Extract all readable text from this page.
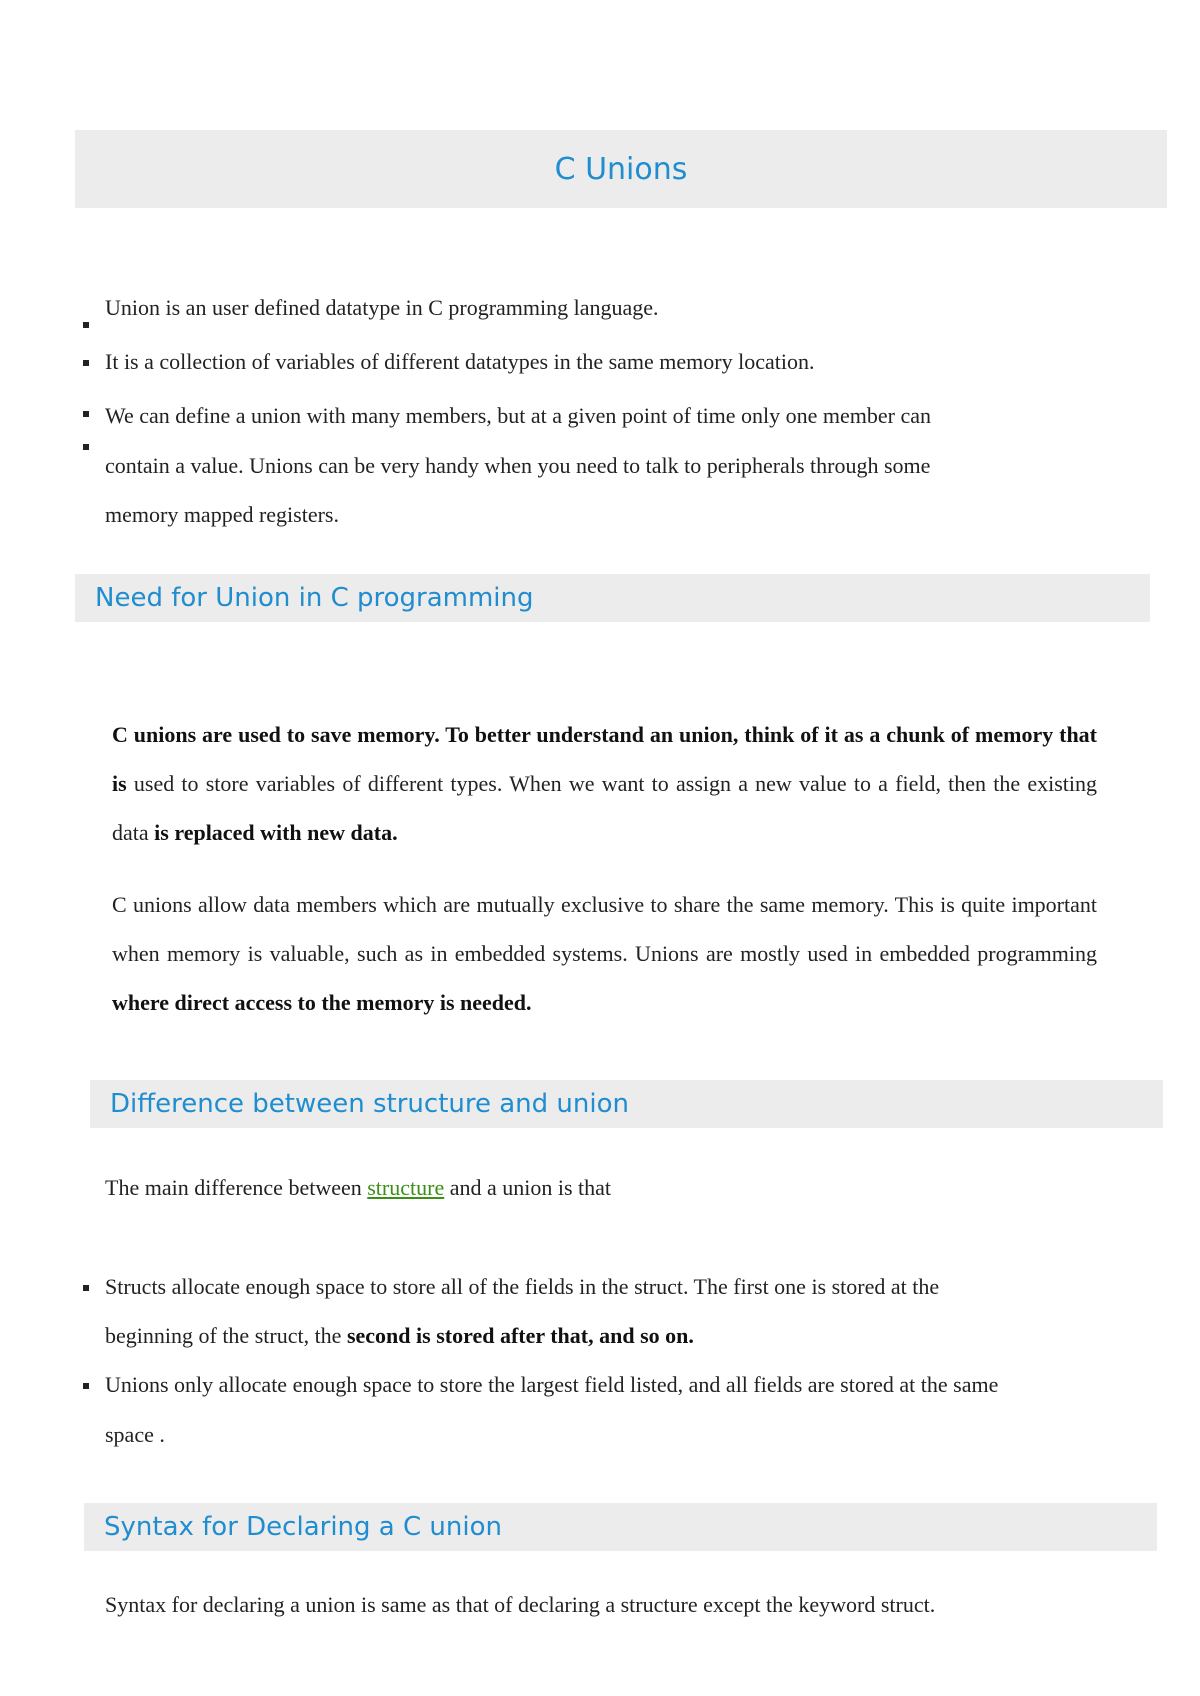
C Unions
Union is an user defined datatype in C programming language.
It is a collection of variables of different datatypes in the same memory location.
We can define a union with many members, but at a given point of time only one member can
contain a value. Unions can be very handy when you need to talk to peripherals through some
memory mapped registers.
Need for Union in C programming
C unions are used to save memory. To better understand an union, think of it as a chunk of memory that is used to store variables of different types. When we want to assign a new value to a field, then the existing data is replaced with new data.
C unions allow data members which are mutually exclusive to share the same memory. This is quite important when memory is valuable, such as in embedded systems. Unions are mostly used in embedded programming where direct access to the memory is needed.
Difference between structure and union
The main difference between structure and a union is that
Structs allocate enough space to store all of the fields in the struct. The first one is stored at the
beginning of the struct, the second is stored after that, and so on.
Unions only allocate enough space to store the largest field listed, and all fields are stored at the same
space .
Syntax for Declaring a C union
Syntax for declaring a union is same as that of declaring a structure except the keyword struct.
